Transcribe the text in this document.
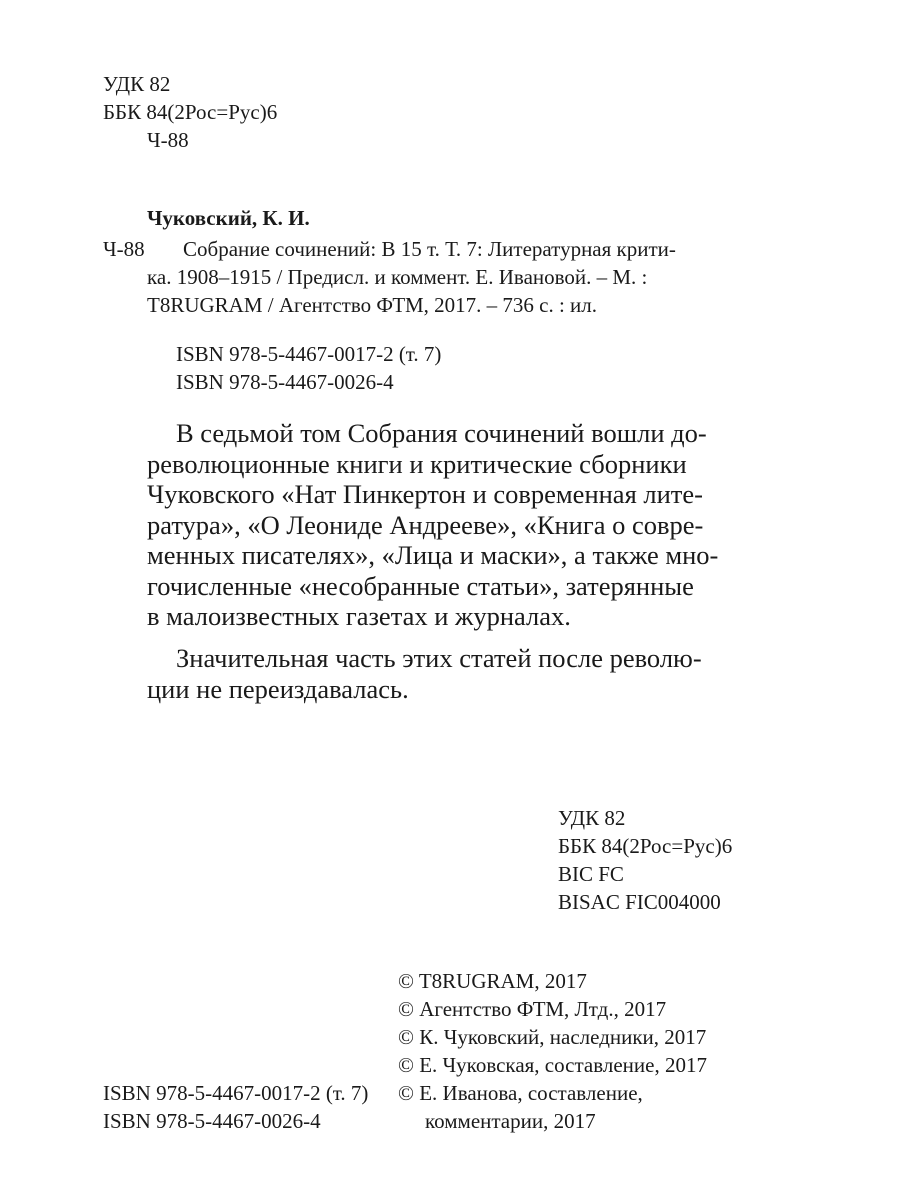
УДК 82
ББК 84(2Рос=Рус)6
Ч-88
Чуковский, К. И.
Ч-88	Собрание сочинений: В 15 т. Т. 7: Литературная крити-
ка. 1908–1915 / Предисл. и коммент. Е. Ивановой. – М. :
T8RUGRAM / Агентство ФТМ, 2017. – 736 с. : ил.
ISBN 978-5-4467-0017-2 (т. 7)
ISBN 978-5-4467-0026-4
В седьмой том Собрания сочинений вошли до-
революционные книги и критические сборники
Чуковского «Нат Пинкертон и современная лите-
ратура», «О Леониде Андрееве», «Книга о совре-
менных писателях», «Лица и маски», а также мно-
гочисленные «несобранные статьи», затерянные
в малоизвестных газетах и журналах.
Значительная часть этих статей после револю-
ции не переиздавалась.
УДК 82
ББК 84(2Рос=Рус)6
BIC FC
BISAC FIC004000
© T8RUGRAM, 2017
© Агентство ФТМ, Лтд., 2017
© К. Чуковский, наследники, 2017
© Е. Чуковская, составление, 2017
© Е. Иванова, составление,
комментарии, 2017
ISBN 978-5-4467-0017-2 (т. 7)
ISBN 978-5-4467-0026-4
